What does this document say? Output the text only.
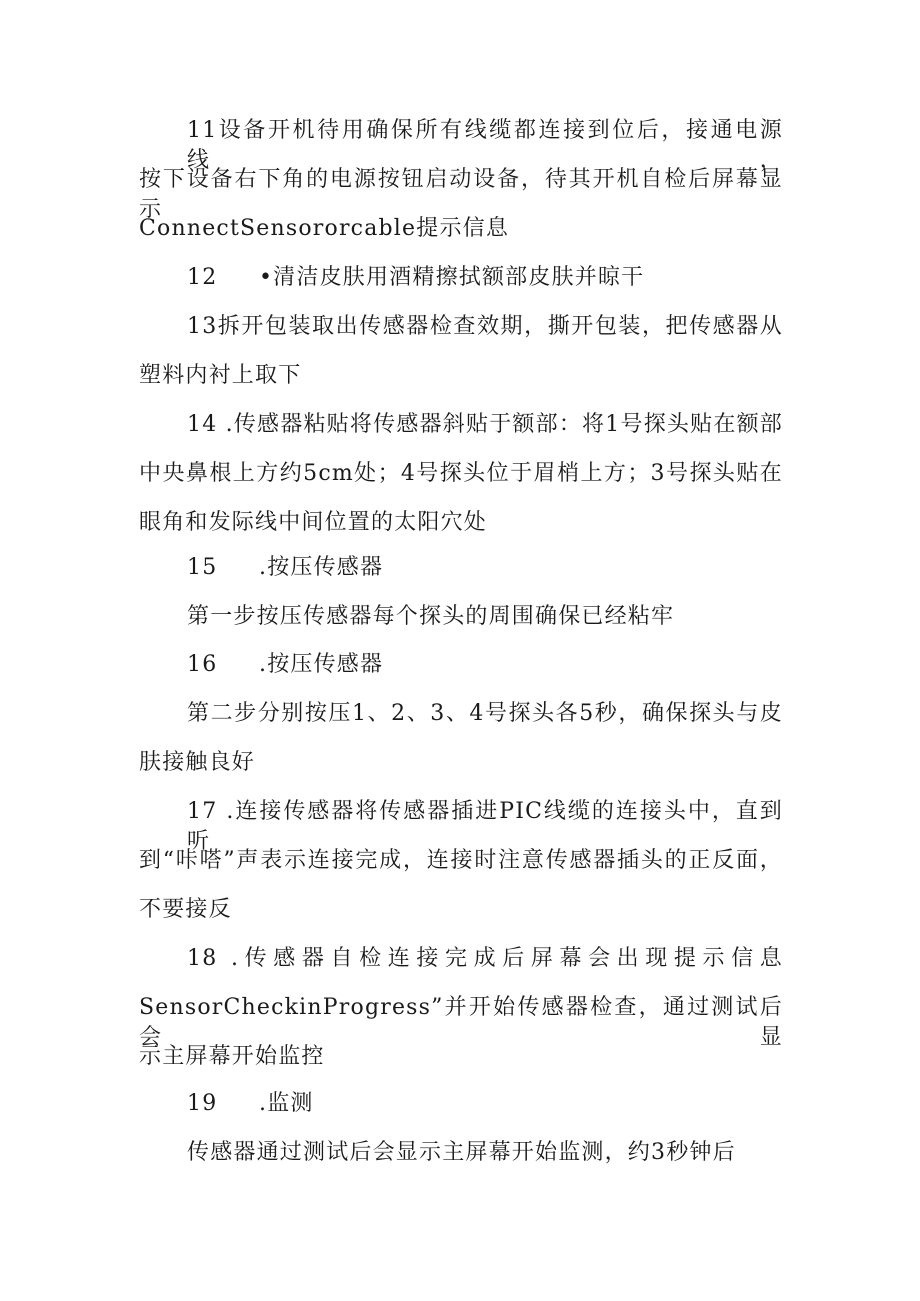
11设备开机待用确保所有线缆都连接到位后，接通电源线，
按下设备右下角的电源按钮启动设备，待其开机自检后屏幕显示
ConnectSensororcable提示信息
12 •清洁皮肤用酒精擦拭额部皮肤并晾干
13拆开包装取出传感器检查效期，撕开包装，把传感器从
塑料内衬上取下
14 .传感器粘贴将传感器斜贴于额部：将1号探头贴在额部
中央鼻根上方约5cm处；4号探头位于眉梢上方；3号探头贴在
眼角和发际线中间位置的太阳穴处
15 .按压传感器
第一步按压传感器每个探头的周围确保已经粘牢
16 .按压传感器
第二步分别按压1、2、3、4号探头各5秒，确保探头与皮
肤接触良好
17 .连接传感器将传感器插进PIC线缆的连接头中，直到听
到“咔嗒”声表示连接完成，连接时注意传感器插头的正反面，
不要接反
18 .传感器自检连接完成后屏幕会出现提示信息
SensorCheckinProgress”并开始传感器检查，通过测试后会显
示主屏幕开始监控
19 .监测
传感器通过测试后会显示主屏幕开始监测，约3秒钟后
